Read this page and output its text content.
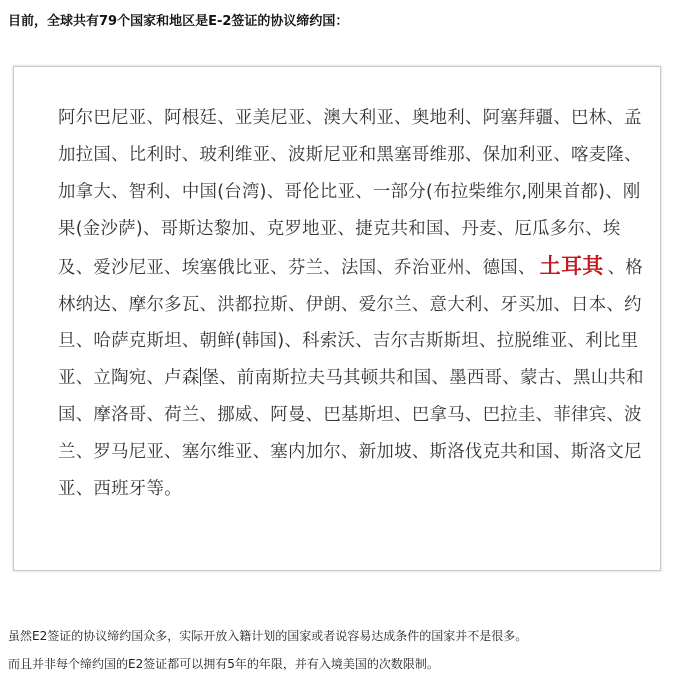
目前，全球共有79个国家和地区是E-2签证的协议缔约国：
阿尔巴尼亚、阿根廷、亚美尼亚、澳大利亚、奥地利、阿塞拜疆、巴林、孟加拉国、比利时、玻利维亚、波斯尼亚和黑塞哥维那、保加利亚、喀麦隆、加拿大、智利、中国(台湾)、哥伦比亚、一部分(布拉柴维尔,刚果首都)、刚果(金沙萨)、哥斯达黎加、克罗地亚、捷克共和国、丹麦、厄瓜多尔、埃及、爱沙尼亚、埃塞俄比亚、芬兰、法国、乔治亚州、德国、 土耳其 、格林纳达、摩尔多瓦、洪都拉斯、伊朗、爱尔兰、意大利、牙买加、日本、约旦、哈萨克斯坦、朝鲜(韩国)、科索沃、吉尔吉斯斯坦、拉脱维亚、利比里亚、立陶宛、卢森 堡、前南斯拉夫马其顿共和国、墨西哥、蒙古、黑山共和国、摩洛哥、荷兰、挪威、阿曼、巴基斯坦、巴拿马、巴拉圭、菲律宾、波兰、罗马尼亚、塞尔维亚、塞内加尔、新加坡、斯洛伐克共和国、斯洛文尼亚、西班牙等。
虽然E2签证的协议缔约国众多，实际开放入籍计划的国家或者说容易达成条件的国家并不是很多。
而且并非每个缔约国的E2签证都可以拥有5年的年限，并有入境美国的次数限制。
